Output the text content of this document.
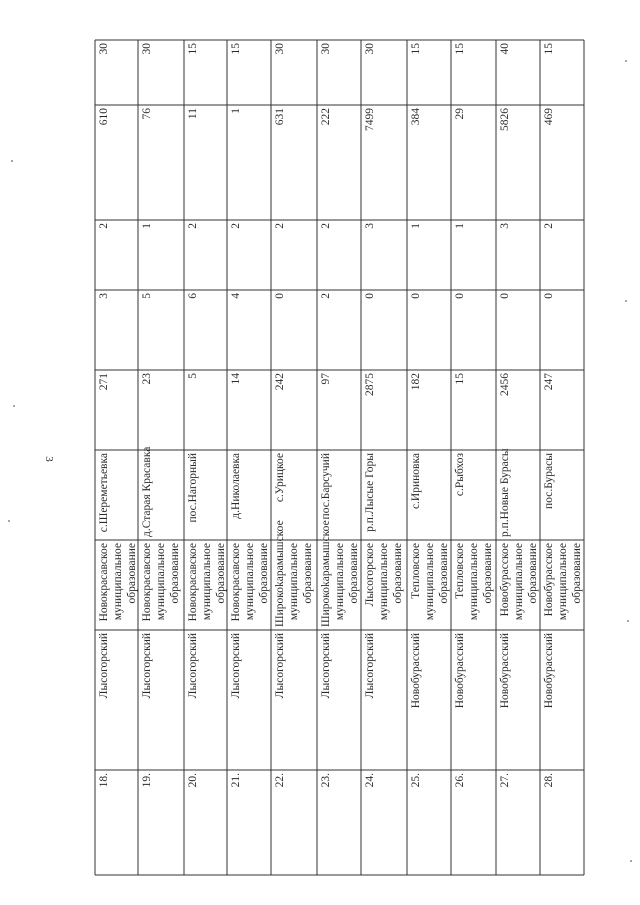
3
18.
Лысогорский
Новокрасавское муниципальное образование
с.Шереметьевка
271
3
2
610
30
19.
Лысогорский
Новокрасавское муниципальное образование
д.Старая Красавка
23
5
1
76
30
20.
Лысогорский
Новокрасавское муниципальное образование
пос.Нагорный
5
6
2
11
15
21.
Лысогорский
Новокрасавское муниципальное образование
д.Николаевка
14
4
2
1
15
22.
Лысогорский
Широкоkарамышское муниципальное образование
с.Урицкое
242
0
2
631
30
23.
Лысогорский
Широкоkарамышское муниципальное образование
пос.Барсучий
97
2
2
222
30
24.
Лысогорский
Лысогорское муниципальное образование
р.п.Лысые Горы
2875
0
3
7499
30
25.
Новобурасский
Тепловское муниципальное образование
с.Ириновка
182
0
1
384
15
26.
Новобурасский
Тепловское муниципальное образование
с.Рыбхоз
15
0
1
29
15
27.
Новобурасский
Новобурасское муниципальное образование
р.п.Новые Бурасы
2456
0
3
5826
40
28.
Новобурасский
Новобурасское муниципальное образование
пос.Бурасы
247
0
2
469
15
